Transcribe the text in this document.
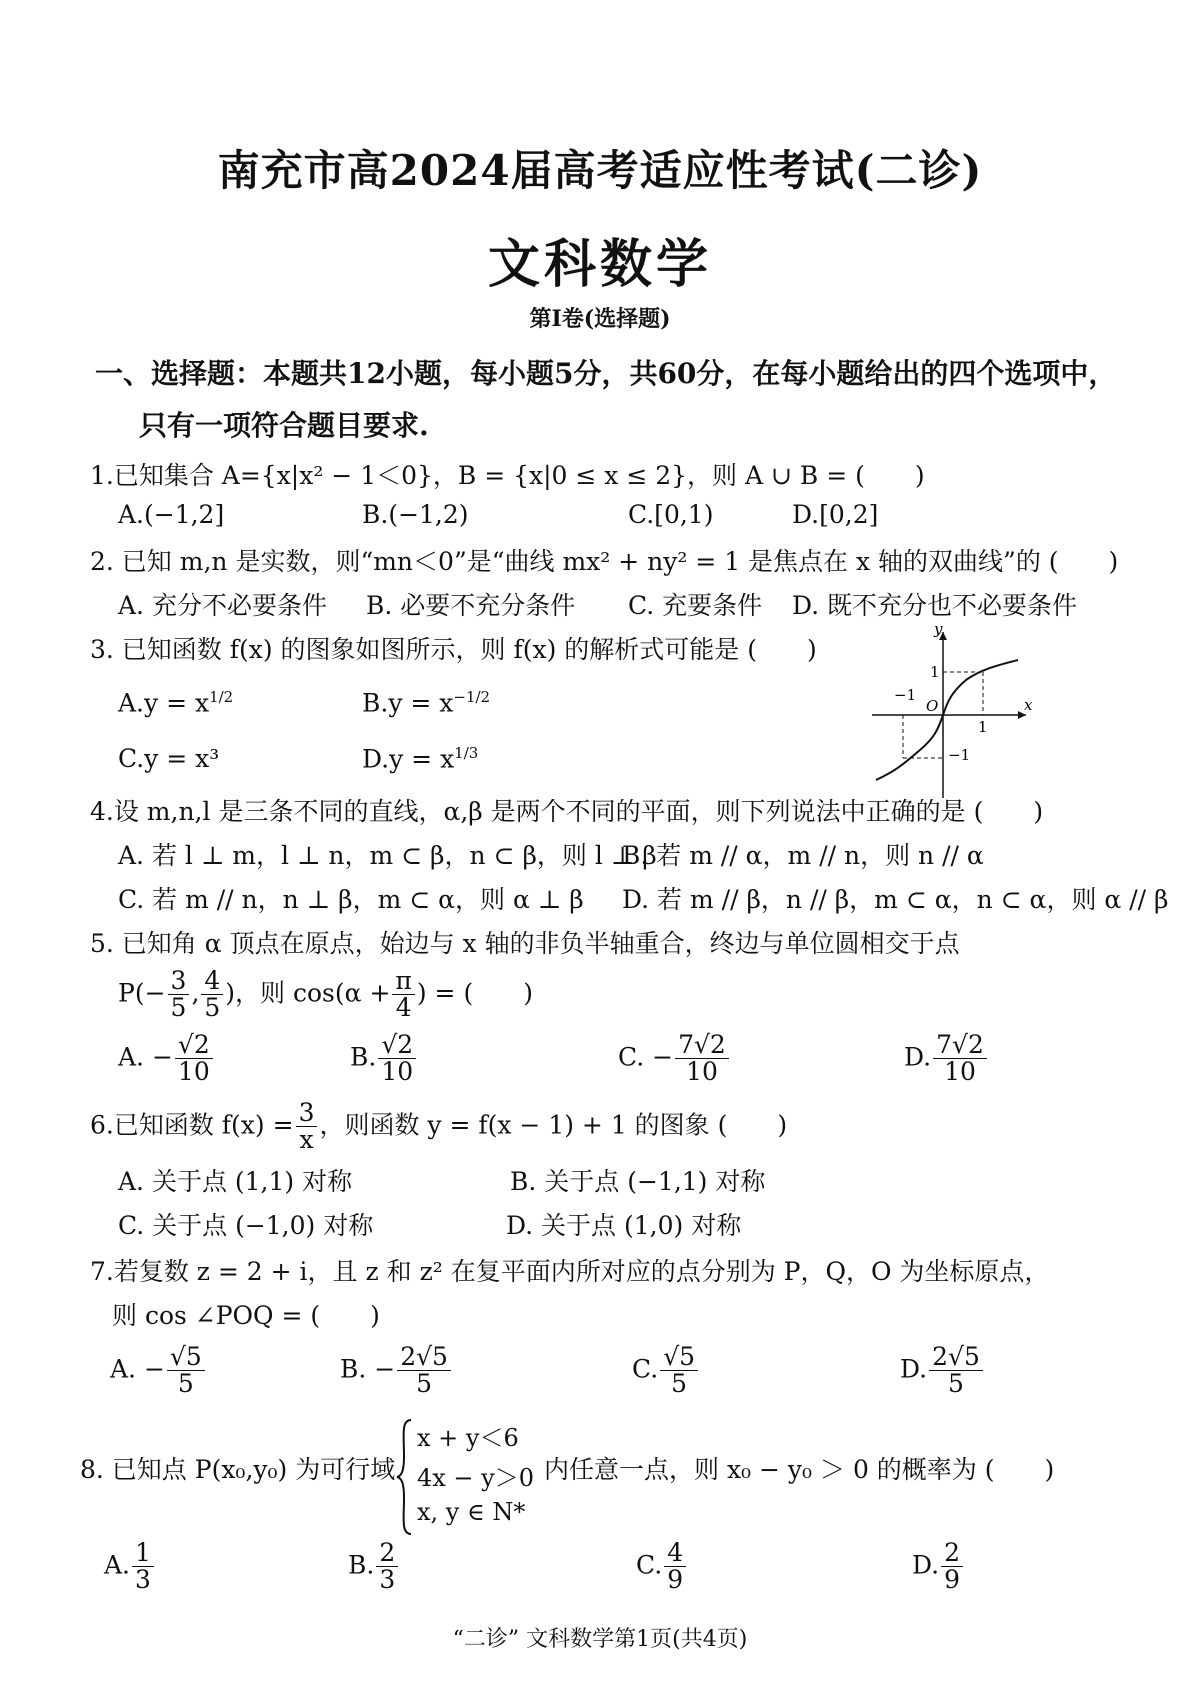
南充市高2024届高考适应性考试(二诊)
文科数学
第I卷(选择题)
一、选择题：本题共12小题，每小题5分，共60分，在每小题给出的四个选项中，
只有一项符合题目要求.
1.已知集合 A={x|x² − 1＜0}，B = {x|0 ≤ x ≤ 2}，则 A ∪ B = (　　)
A.(−1,2]	B.(−1,2)	C.[0,1)	D.[0,2]
2. 已知 m,n 是实数，则“mn＜0”是“曲线 mx² + ny² = 1 是焦点在 x 轴的双曲线”的 (　　)
A. 充分不必要条件 B. 必要不充分条件 C. 充要条件 D. 既不充分也不必要条件
3. 已知函数 f(x) 的图象如图所示，则 f(x) 的解析式可能是 (　　)
$A.y = x^{1/2}$	$B.y = x^{-1/2}$
C.y = x³	$D.y = x^{1/3}$
y
x
O
1
−1
1
−1
4.设 m,n,l 是三条不同的直线，α,β 是两个不同的平面，则下列说法中正确的是 (　　)
A. 若 l ⊥ m，l ⊥ n，m ⊂ β，n ⊂ β，则 l ⊥ β
B. 若 m // α，m // n，则 n // α
C. 若 m // n，n ⊥ β，m ⊂ α，则 α ⊥ β D. 若 m // β，n // β，m ⊂ α，n ⊂ α，则 α // β
5. 已知角 α 顶点在原点，始边与 x 轴的非负半轴重合，终边与单位圆相交于点
$P(- \frac{3}{5}$ , $\frac{4}{5}$ )，则 $\cos(\alpha + \frac{\pi}{4}$ ) = (　　)
A. − $\frac{√2}{10}$	B. $\frac{√2}{10}$	C. − $\frac{7√2}{10}$	D. $\frac{7√2}{10}$
6.已知函数 $f(x) = \frac{3}{x}$ ，则函数 y = f(x − 1) + 1 的图象 (　　)
A. 关于点 (1,1) 对称	B. 关于点 (−1,1) 对称
C. 关于点 (−1,0) 对称	D. 关于点 (1,0) 对称
7.若复数 z = 2 + i，且 z 和 z² 在复平面内所对应的点分别为 P，Q，O 为坐标原点，
则 cos ∠POQ = (　　)
A. − $\frac{√5}{5}$	B. − $\frac{2√5}{5}$	C. $\frac{√5}{5}$	D. $\frac{2√5}{5}$
8. 已知点 P(x₀,y₀) 为可行域
x + y＜6
4x − y＞0
x, y ∈ N*
内任意一点，则 x₀ − y₀ ＞ 0 的概率为 (　　)
A. $\frac{1}{3}$	B. $\frac{2}{3}$	C. $\frac{4}{9}$	D. $\frac{2}{9}$
“二诊” 文科数学第1页(共4页)
